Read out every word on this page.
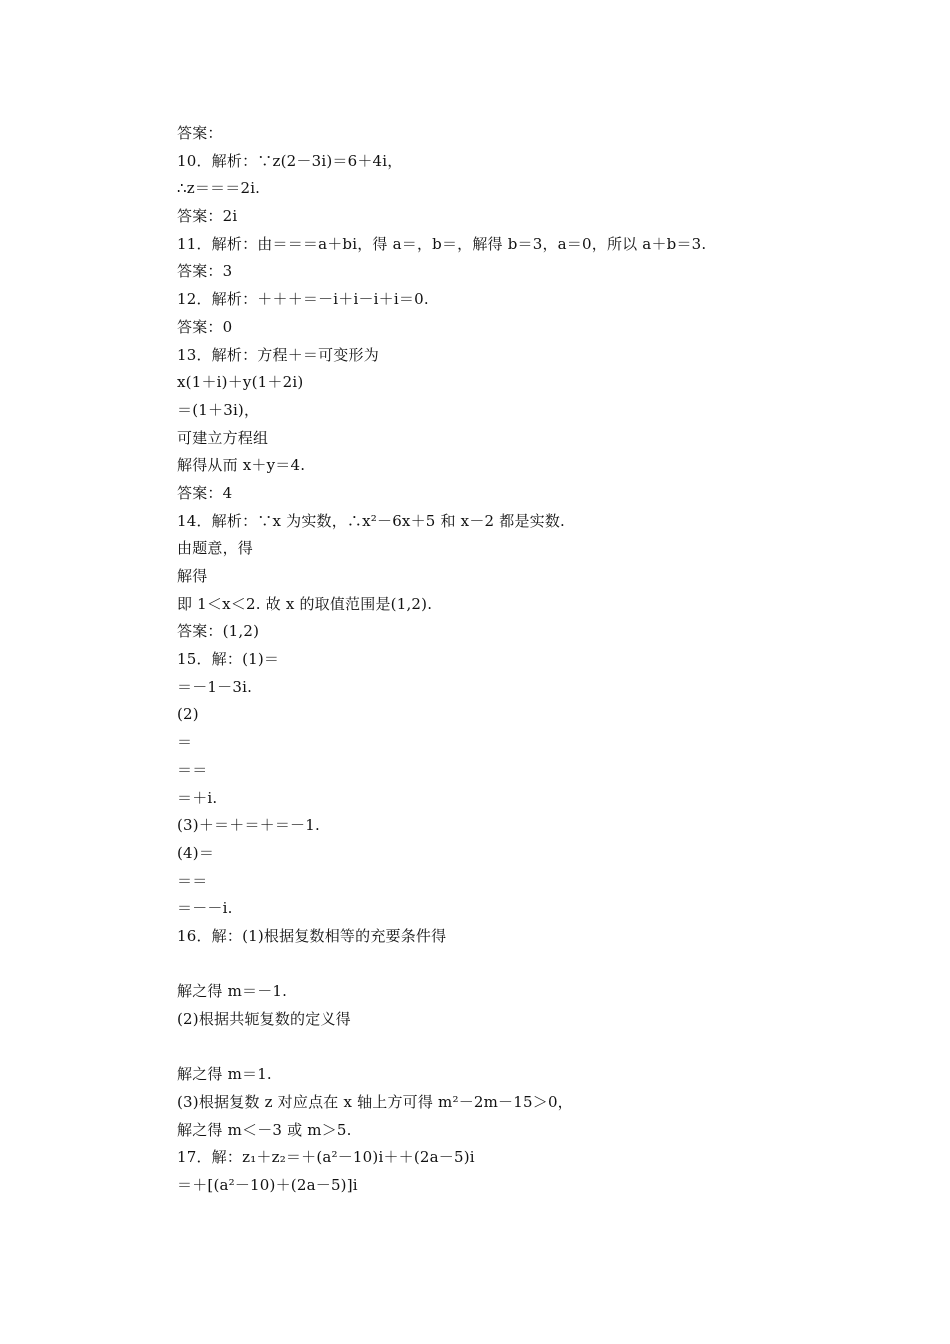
答案：
10．解析：∵z(2－3i)＝6＋4i，
∴z＝＝＝2i.
答案：2i
11．解析：由＝＝＝a＋bi，得 a＝，b＝，解得 b＝3，a＝0，所以 a＋b＝3.
答案：3
12．解析：＋＋＋＝－i＋i－i＋i＝0.
答案：0
13．解析：方程＋＝可变形为
x(1＋i)＋y(1＋2i)
＝(1＋3i)，
可建立方程组
解得从而 x＋y＝4.
答案：4
14．解析：∵x 为实数，∴x²－6x＋5 和 x－2 都是实数.
由题意，得
解得
即 1＜x＜2. 故 x 的取值范围是(1,2).
答案：(1,2)
15．解：(1)＝
＝－1－3i.
(2)
＝
＝＝
＝＋i.
(3)＋＝＋＝＋＝－1.
(4)＝
＝＝
＝－－i.
16．解：(1)根据复数相等的充要条件得
解之得 m＝－1.
(2)根据共轭复数的定义得
解之得 m＝1.
(3)根据复数 z 对应点在 x 轴上方可得 m²－2m－15＞0，
解之得 m＜－3 或 m＞5.
17．解：z₁＋z₂＝＋(a²－10)i＋＋(2a－5)i
＝＋[(a²－10)＋(2a－5)]i
